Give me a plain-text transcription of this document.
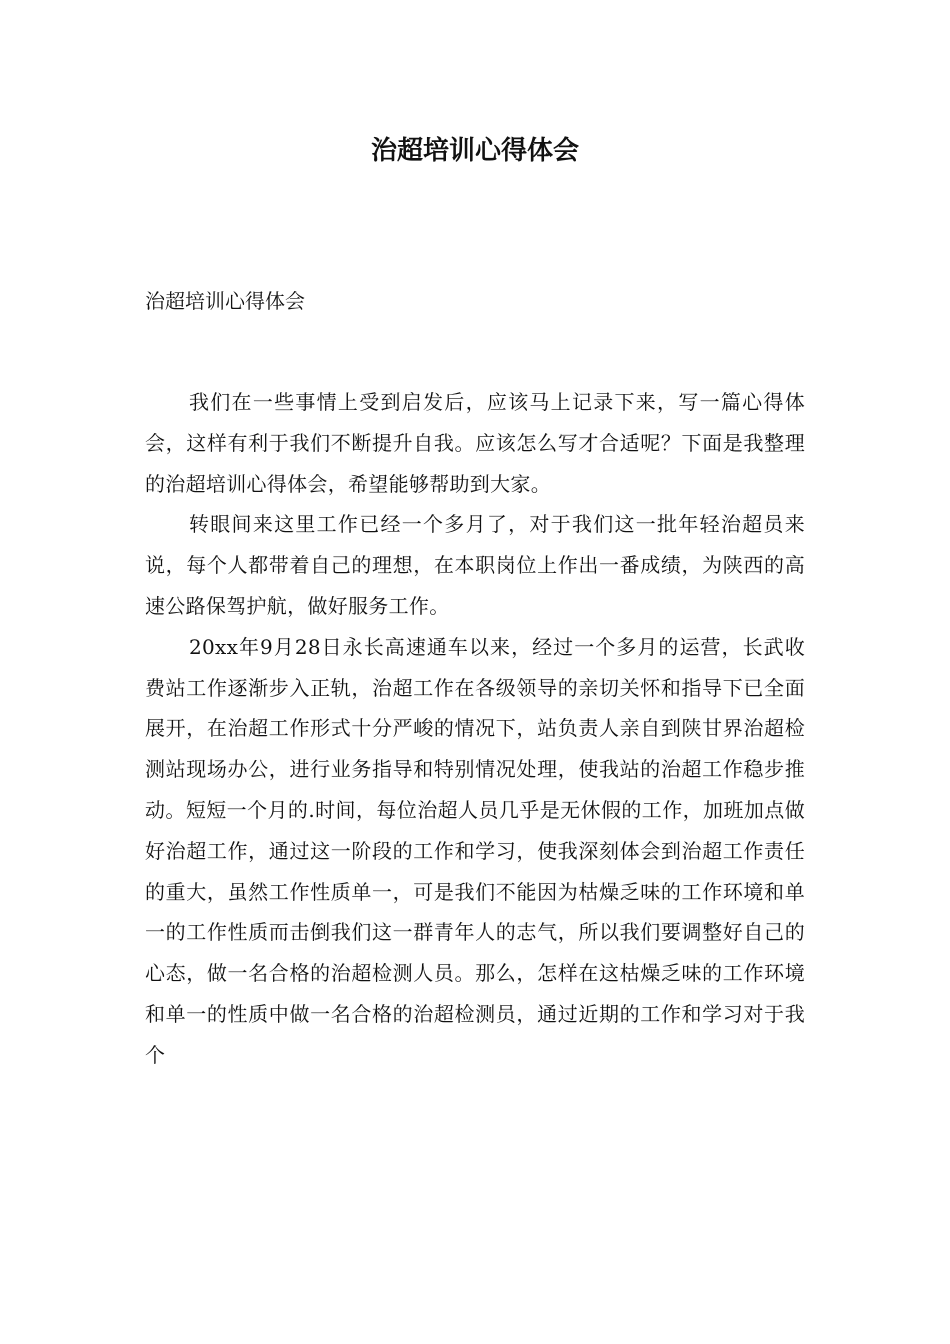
治超培训心得体会
治超培训心得体会

我们在一些事情上受到启发后，应该马上记录下来，写一篇心得体会，这样有利于我们不断提升自我。应该怎么写才合适呢？下面是我整理的治超培训心得体会，希望能够帮助到大家。

转眼间来这里工作已经一个多月了，对于我们这一批年轻治超员来说，每个人都带着自己的理想，在本职岗位上作出一番成绩，为陕西的高速公路保驾护航，做好服务工作。

20xx年9月28日永长高速通车以来，经过一个多月的运营，长武收费站工作逐渐步入正轨，治超工作在各级领导的亲切关怀和指导下已全面展开，在治超工作形式十分严峻的情况下，站负责人亲自到陕甘界治超检测站现场办公，进行业务指导和特别情况处理，使我站的治超工作稳步推动。短短一个月的.时间，每位治超人员几乎是无休假的工作，加班加点做好治超工作，通过这一阶段的工作和学习，使我深刻体会到治超工作责任的重大，虽然工作性质单一，可是我们不能因为枯燥乏味的工作环境和单一的工作性质而击倒我们这一群青年人的志气，所以我们要调整好自己的心态，做一名合格的治超检测人员。那么，怎样在这枯燥乏味的工作环境和单一的性质中做一名合格的治超检测员，通过近期的工作和学习对于我个
